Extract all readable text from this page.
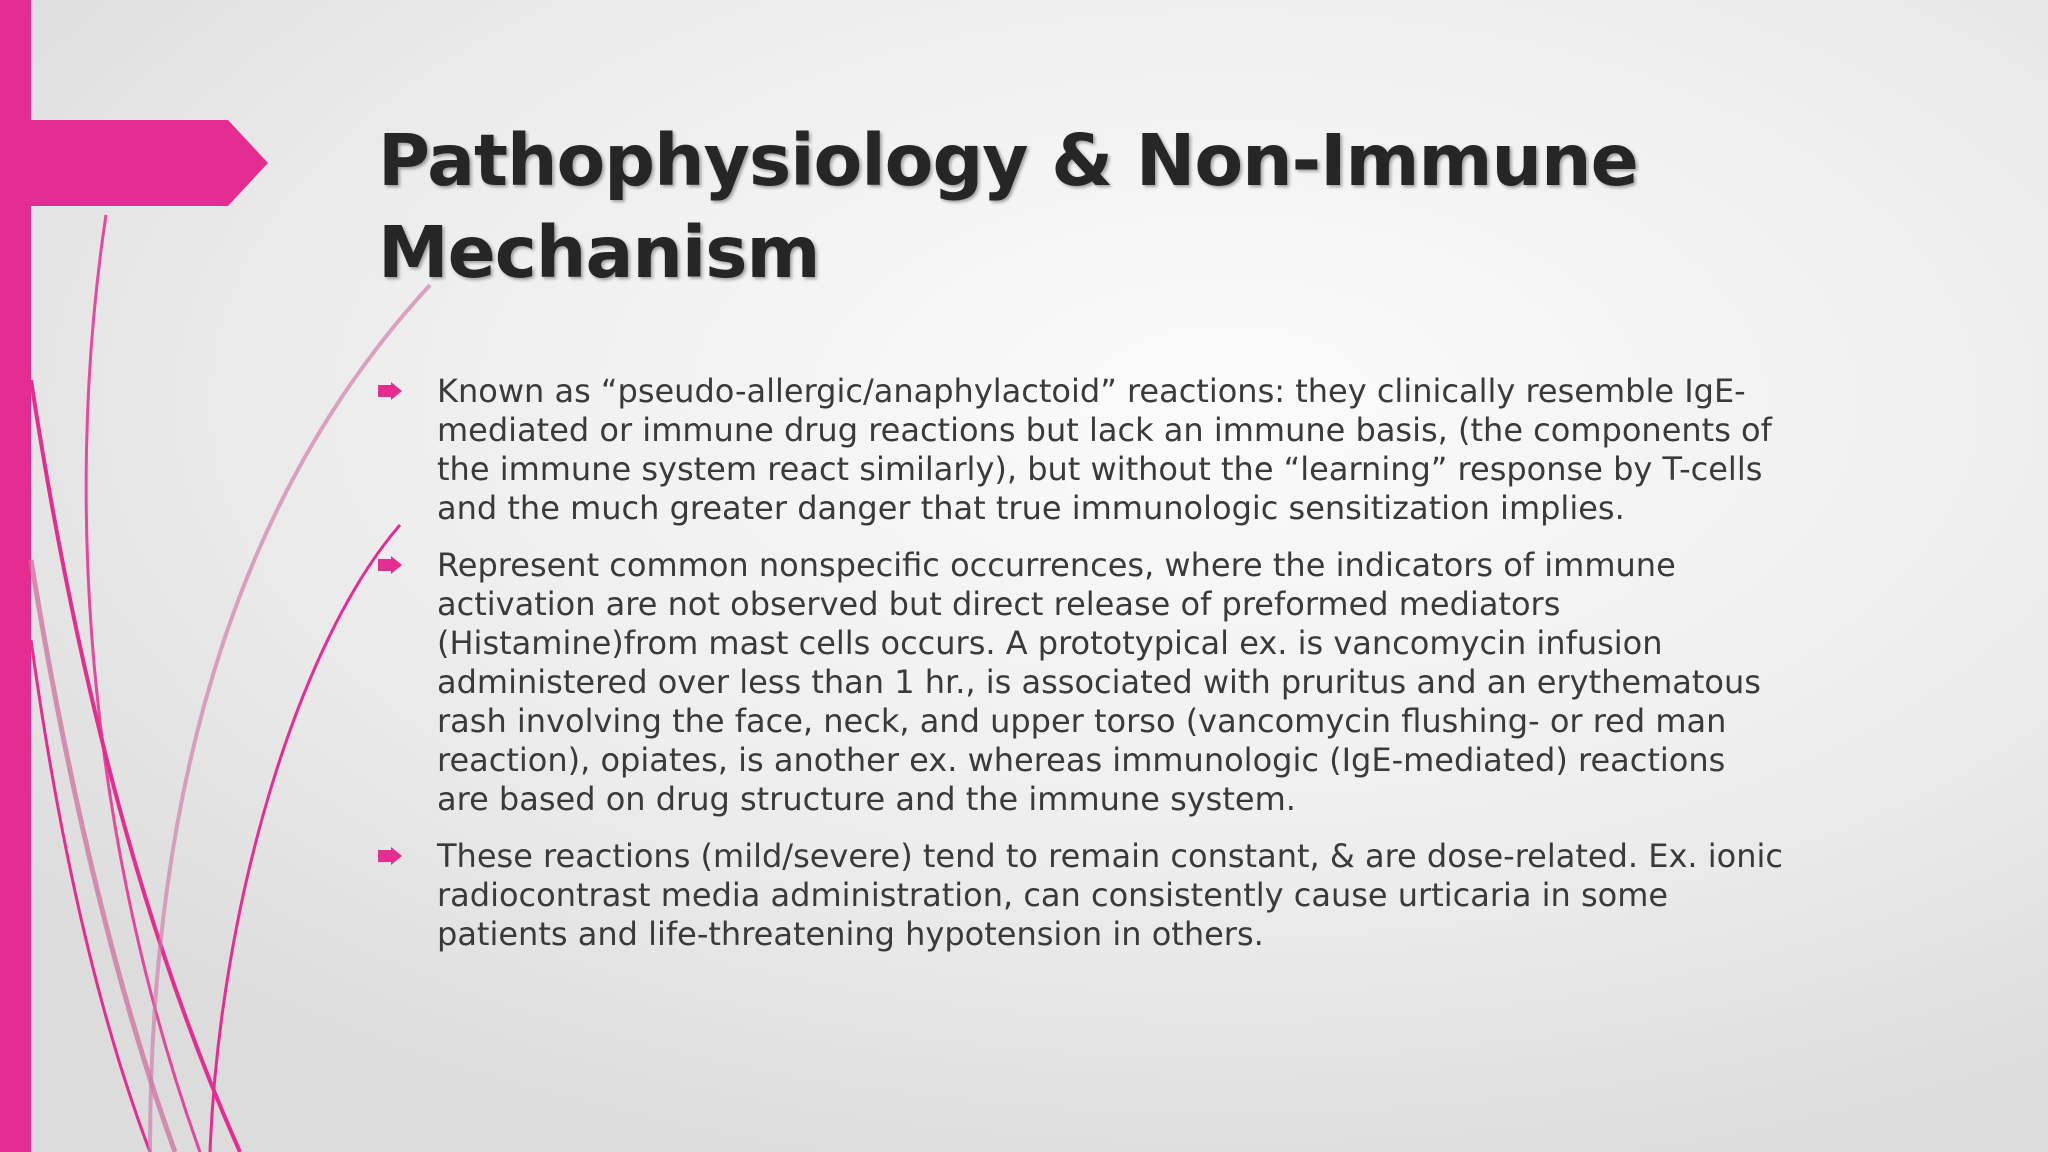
Pathophysiology & Non-Immune
Mechanism
Known as “pseudo-allergic/anaphylactoid” reactions: they clinically resemble IgE-
mediated or immune drug reactions but lack an immune basis, (the components of
the immune system react similarly), but without the “learning” response by T-cells
and the much greater danger that true immunologic sensitization implies.
Represent common nonspecific occurrences, where the indicators of immune
activation are not observed but direct release of preformed mediators
(Histamine)from mast cells occurs. A prototypical ex. is vancomycin infusion
administered over less than 1 hr., is associated with pruritus and an erythematous
rash involving the face, neck, and upper torso (vancomycin flushing- or red man
reaction), opiates, is another ex. whereas immunologic (IgE-mediated) reactions
are based on drug structure and the immune system.
These reactions (mild/severe) tend to remain constant, & are dose-related. Ex. ionic
radiocontrast media administration, can consistently cause urticaria in some
patients and life-threatening hypotension in others.
